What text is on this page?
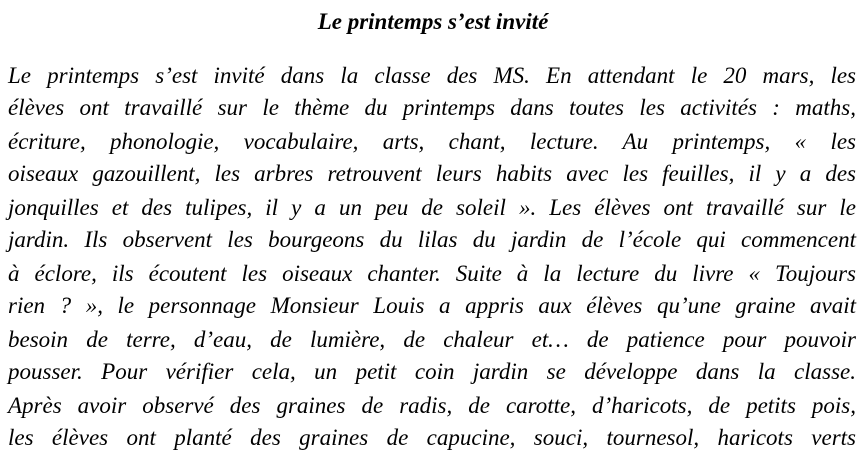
Le printemps s’est invité
Le printemps s’est invité dans la classe des MS. En attendant le 20 mars, les
élèves ont travaillé sur le thème du printemps dans toutes les activités : maths,
écriture, phonologie, vocabulaire, arts, chant, lecture. Au printemps, « les
oiseaux gazouillent, les arbres retrouvent leurs habits avec les feuilles, il y a des
jonquilles et des tulipes, il y a un peu de soleil ». Les élèves ont travaillé sur le
jardin. Ils observent les bourgeons du lilas du jardin de l’école qui commencent
à éclore, ils écoutent les oiseaux chanter. Suite à la lecture du livre « Toujours
rien ? », le personnage Monsieur Louis a appris aux élèves qu’une graine avait
besoin de terre, d’eau, de lumière, de chaleur et… de patience pour pouvoir
pousser. Pour vérifier cela, un petit coin jardin se développe dans la classe.
Après avoir observé des graines de radis, de carotte, d’haricots, de petits pois,
les élèves ont planté des graines de capucine, souci, tournesol, haricots verts
